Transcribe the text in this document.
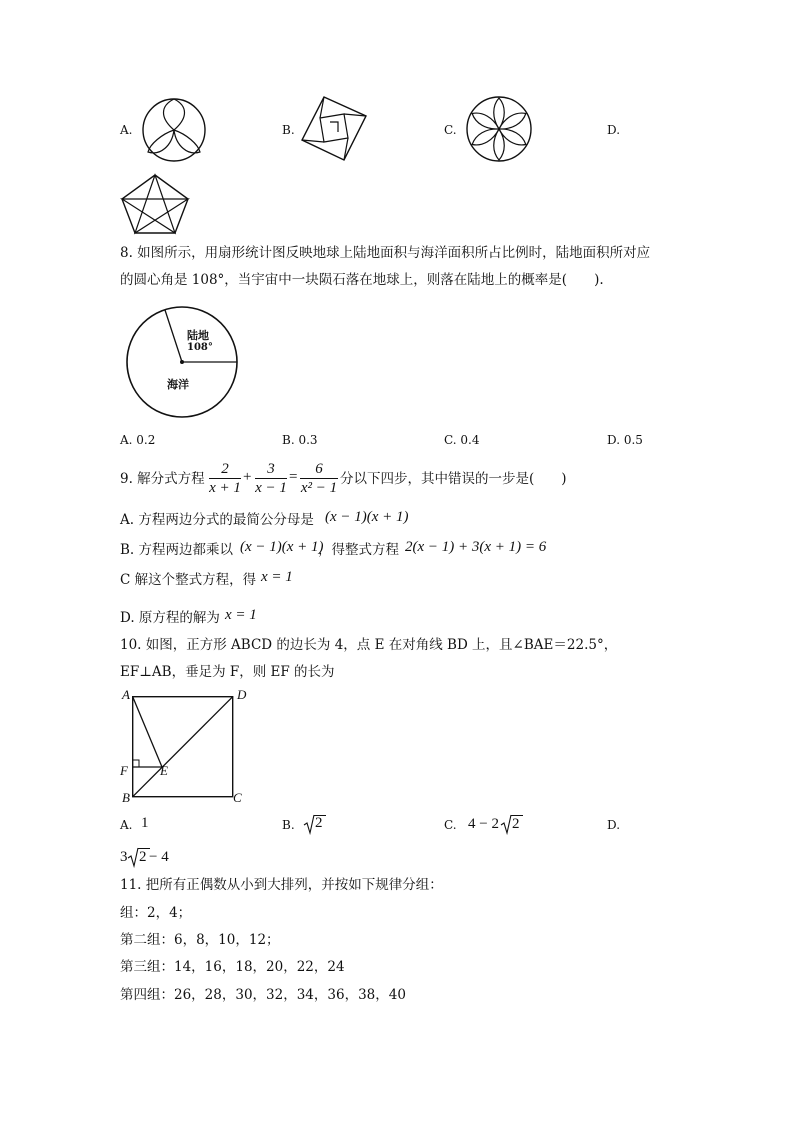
A.	B.	C.	D.
8. 如图所示，用扇形统计图反映地球上陆地面积与海洋面积所占比例时，陆地面积所对应
的圆心角是 108°，当宇宙中一块陨石落在地球上，则落在陆地上的概率是(　　).
陆地
108°
海洋
A. 0.2	B. 0.3	C. 0.4	D. 0.5
9. 解分式方程 $\frac{2}{x + 1} + \frac{3}{x - 1} = \frac{6}{\text{x² − 1}}$ 分以下四步，其中错误的一步是(　　)
A. 方程两边分式的最简公分母是 (x − 1)(x + 1)
B. 方程两边都乘以 (x − 1)(x + 1)
，得整式方程 2(x − 1) + 3(x + 1) = 6
C 解这个整式方程，得 x = 1
D. 原方程的解为 x = 1
10. 如图，正方形 ABCD 的边长为 4，点 E 在对角线 BD 上，且∠BAE＝22.5°，
EF⊥AB，垂足为 F，则 EF 的长为
A	D
F E
B	C
A. 1	B. 2	C. 4 − 2 2	D.
3 2 − 4
11. 把所有正偶数从小到大排列，并按如下规律分组：
组：2，4；
第二组：6，8，10，12；
第三组：14，16，18，20，22，24
第四组：26，28，30，32，34，36，38，40
